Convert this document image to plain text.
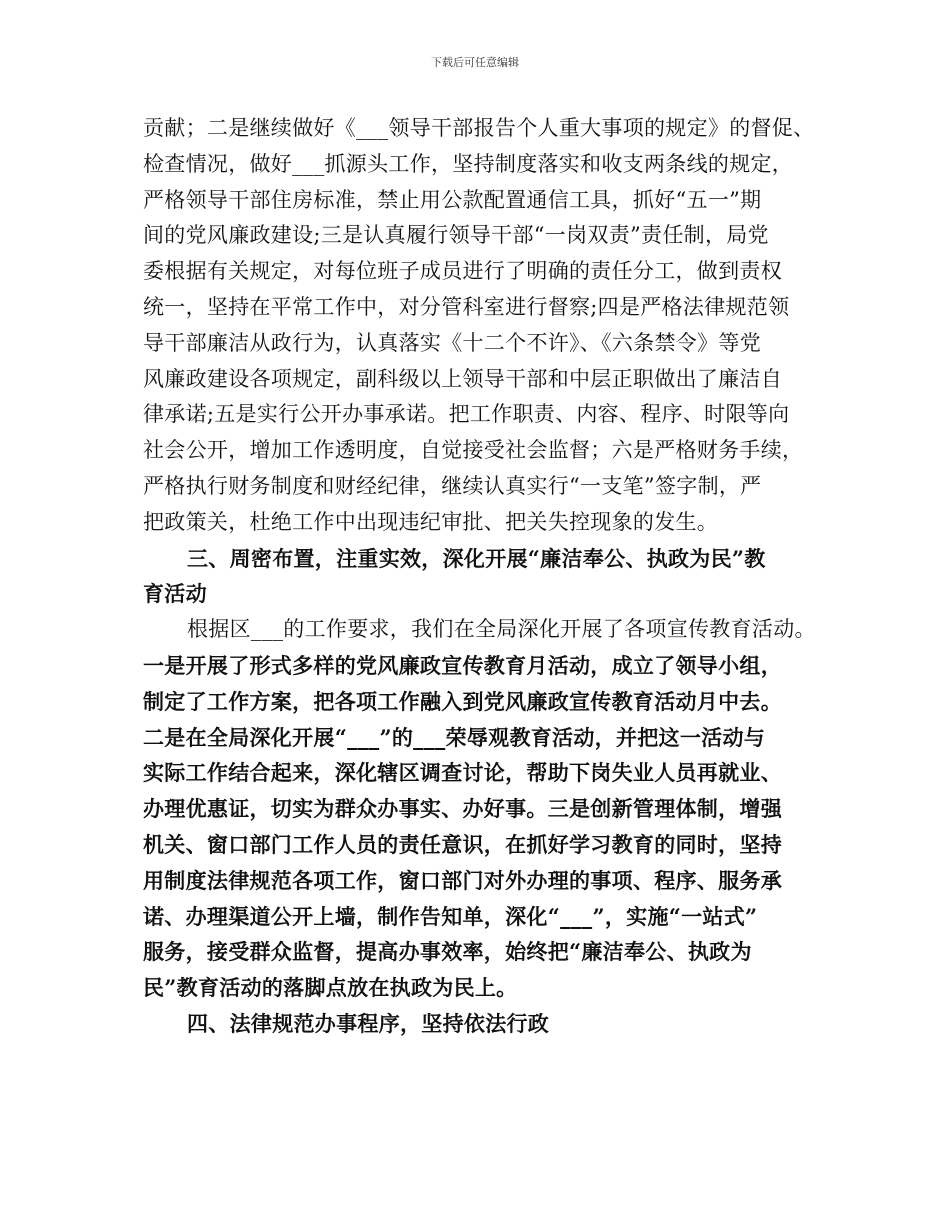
下载后可任意编辑
贡献；二是继续做好《___领导干部报告个人重大事项的规定》的督促、
检查情况，做好___抓源头工作，坚持制度落实和收支两条线的规定，
严格领导干部住房标准，禁止用公款配置通信工具，抓好“五一”期
间的党风廉政建设;三是认真履行领导干部“一岗双责”责任制，局党
委根据有关规定，对每位班子成员进行了明确的责任分工，做到责权
统一，坚持在平常工作中，对分管科室进行督察;四是严格法律规范领
导干部廉洁从政行为，认真落实《十二个不许》、《六条禁令》等党
风廉政建设各项规定，副科级以上领导干部和中层正职做出了廉洁自
律承诺;五是实行公开办事承诺。把工作职责、内容、程序、时限等向
社会公开，增加工作透明度，自觉接受社会监督；六是严格财务手续，
严格执行财务制度和财经纪律，继续认真实行“一支笔”签字制，严
把政策关，杜绝工作中出现违纪审批、把关失控现象的发生。
三、周密布置，注重实效，深化开展“廉洁奉公、执政为民”教
育活动
根据区___的工作要求，我们在全局深化开展了各项宣传教育活动。
一是开展了形式多样的党风廉政宣传教育月活动，成立了领导小组，
制定了工作方案，把各项工作融入到党风廉政宣传教育活动月中去。
二是在全局深化开展“___”的___荣辱观教育活动，并把这一活动与
实际工作结合起来，深化辖区调查讨论，帮助下岗失业人员再就业、
办理优惠证，切实为群众办事实、办好事。三是创新管理体制，增强
机关、窗口部门工作人员的责任意识，在抓好学习教育的同时，坚持
用制度法律规范各项工作，窗口部门对外办理的事项、程序、服务承
诺、办理渠道公开上墙，制作告知单，深化“___”，实施“一站式”
服务，接受群众监督，提高办事效率，始终把“廉洁奉公、执政为
民”教育活动的落脚点放在执政为民上。
四、法律规范办事程序，坚持依法行政
